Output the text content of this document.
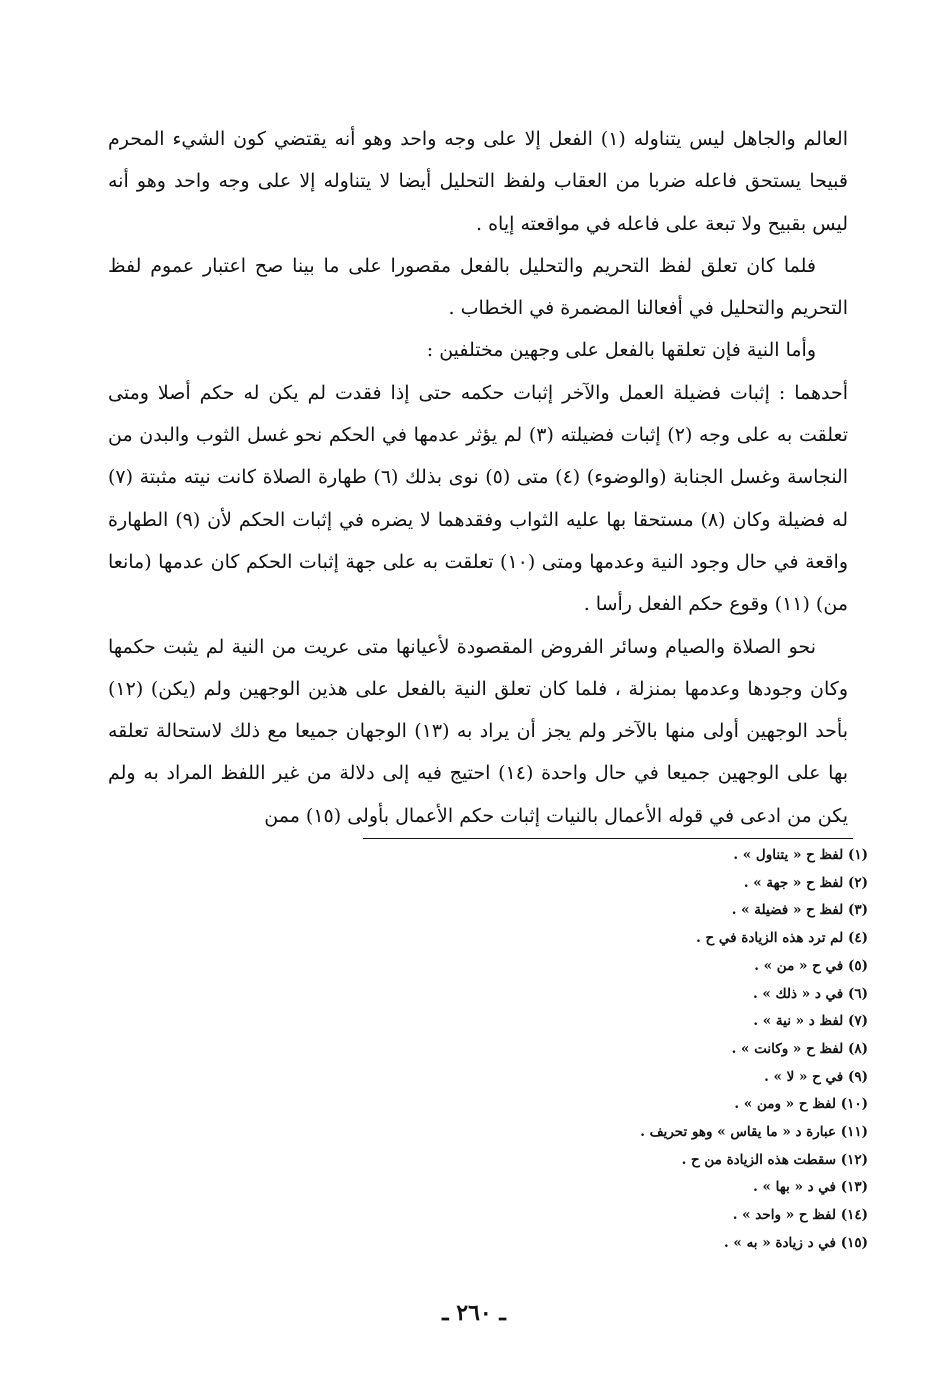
العالم والجاهل ليس يتناوله (١) الفعل إلا على وجه واحد وهو أنه يقتضي كون الشيء المحرم قبيحا يستحق فاعله ضربا من العقاب ولفظ التحليل أيضا لا يتناوله إلا على وجه واحد وهو أنه ليس بقبيح ولا تبعة على فاعله في مواقعته إياه .

فلما كان تعلق لفظ التحريم والتحليل بالفعل مقصورا على ما بينا صح اعتبار عموم لفظ التحريم والتحليل في أفعالنا المضمرة في الخطاب .

وأما النية فإن تعلقها بالفعل على وجهين مختلفين :

أحدهما : إثبات فضيلة العمل والآخر إثبات حكمه حتى إذا فقدت لم يكن له حكم أصلا ومتى تعلقت به على وجه (٢) إثبات فضيلته (٣) لم يؤثر عدمها في الحكم نحو غسل الثوب والبدن من النجاسة وغسل الجنابة (والوضوء) (٤) متى (٥) نوى بذلك (٦) طهارة الصلاة كانت نيته مثبتة (٧) له فضيلة وكان (٨) مستحقا بها عليه الثواب وفقدهما لا يضره في إثبات الحكم لأن (٩) الطهارة واقعة في حال وجود النية وعدمها ومتى (١٠) تعلقت به على جهة إثبات الحكم كان عدمها (مانعا من) (١١) وقوع حكم الفعل رأسا .

نحو الصلاة والصيام وسائر الفروض المقصودة لأعيانها متى عريت من النية لم يثبت حكمها وكان وجودها وعدمها بمنزلة ، فلما كان تعلق النية بالفعل على هذين الوجهين ولم (يكن) (١٢) بأحد الوجهين أولى منها بالآخر ولم يجز أن يراد به (١٣) الوجهان جميعا مع ذلك لاستحالة تعلقه بها على الوجهين جميعا في حال واحدة (١٤) احتيج فيه إلى دلالة من غير اللفظ المراد به ولم يكن من ادعى في قوله الأعمال بالنيات إثبات حكم الأعمال بأولى (١٥) ممن

(١) لفظ ح « يتناول » .
(٢) لفظ ح « جهة » .
(٣) لفظ ح « فضيلة » .
(٤) لم ترد هذه الزيادة في ح .
(٥) في ح « من » .
(٦) في د « ذلك » .
(٧) لفظ د « نية » .
(٨) لفظ ح « وكانت » .
(٩) في ح « لا » .
(١٠) لفظ ح « ومن » .
(١١) عبارة د « ما يقاس » وهو تحريف .
(١٢) سقطت هذه الزيادة من ح .
(١٣) في د « بها » .
(١٤) لفظ ح « واحد » .
(١٥) في د زيادة « به » .
ـ ٢٦٠ ـ
